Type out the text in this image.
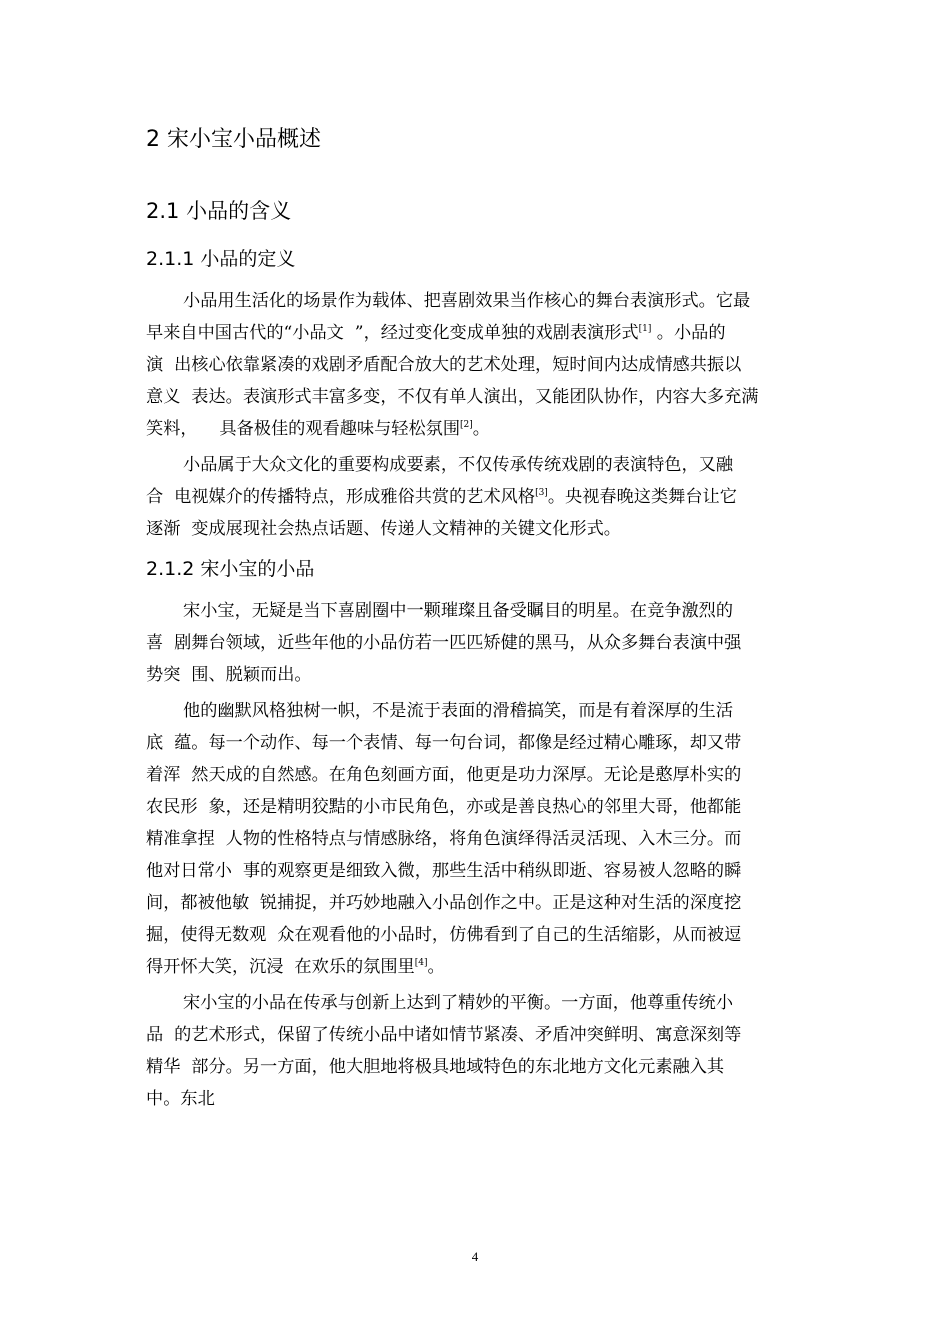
2 宋小宝小品概述
2.1 小品的含义
2.1.1 小品的定义
小品用生活化的场景作为载体、把喜剧效果当作核心的舞台表演形式。它最
早来自中国古代的“小品文  ”，经过变化变成单独的戏剧表演形式[1] 。小品的
演  出核心依靠紧凑的戏剧矛盾配合放大的艺术处理，短时间内达成情感共振以
意义  表达。表演形式丰富多变，不仅有单人演出，又能团队协作，内容大多充满
笑料，    具备极佳的观看趣味与轻松氛围[2]。
小品属于大众文化的重要构成要素，不仅传承传统戏剧的表演特色，又融
合  电视媒介的传播特点，形成雅俗共赏的艺术风格[3]。央视春晚这类舞台让它
逐渐  变成展现社会热点话题、传递人文精神的关键文化形式。
2.1.2 宋小宝的小品
宋小宝，无疑是当下喜剧圈中一颗璀璨且备受瞩目的明星。在竞争激烈的
喜  剧舞台领域，近些年他的小品仿若一匹匹矫健的黑马，从众多舞台表演中强
势突  围、脱颖而出。
他的幽默风格独树一帜，不是流于表面的滑稽搞笑，而是有着深厚的生活
底  蕴。每一个动作、每一个表情、每一句台词，都像是经过精心雕琢，却又带
着浑  然天成的自然感。在角色刻画方面，他更是功力深厚。无论是憨厚朴实的
农民形  象，还是精明狡黠的小市民角色，亦或是善良热心的邻里大哥，他都能
精准拿捏  人物的性格特点与情感脉络，将角色演绎得活灵活现、入木三分。而
他对日常小  事的观察更是细致入微，那些生活中稍纵即逝、容易被人忽略的瞬
间，都被他敏  锐捕捉，并巧妙地融入小品创作之中。正是这种对生活的深度挖
掘，使得无数观  众在观看他的小品时，仿佛看到了自己的生活缩影，从而被逗
得开怀大笑，沉浸  在欢乐的氛围里[4]。
宋小宝的小品在传承与创新上达到了精妙的平衡。一方面，他尊重传统小
品  的艺术形式，保留了传统小品中诸如情节紧凑、矛盾冲突鲜明、寓意深刻等
精华  部分。另一方面，他大胆地将极具地域特色的东北地方文化元素融入其
中。东北
4
